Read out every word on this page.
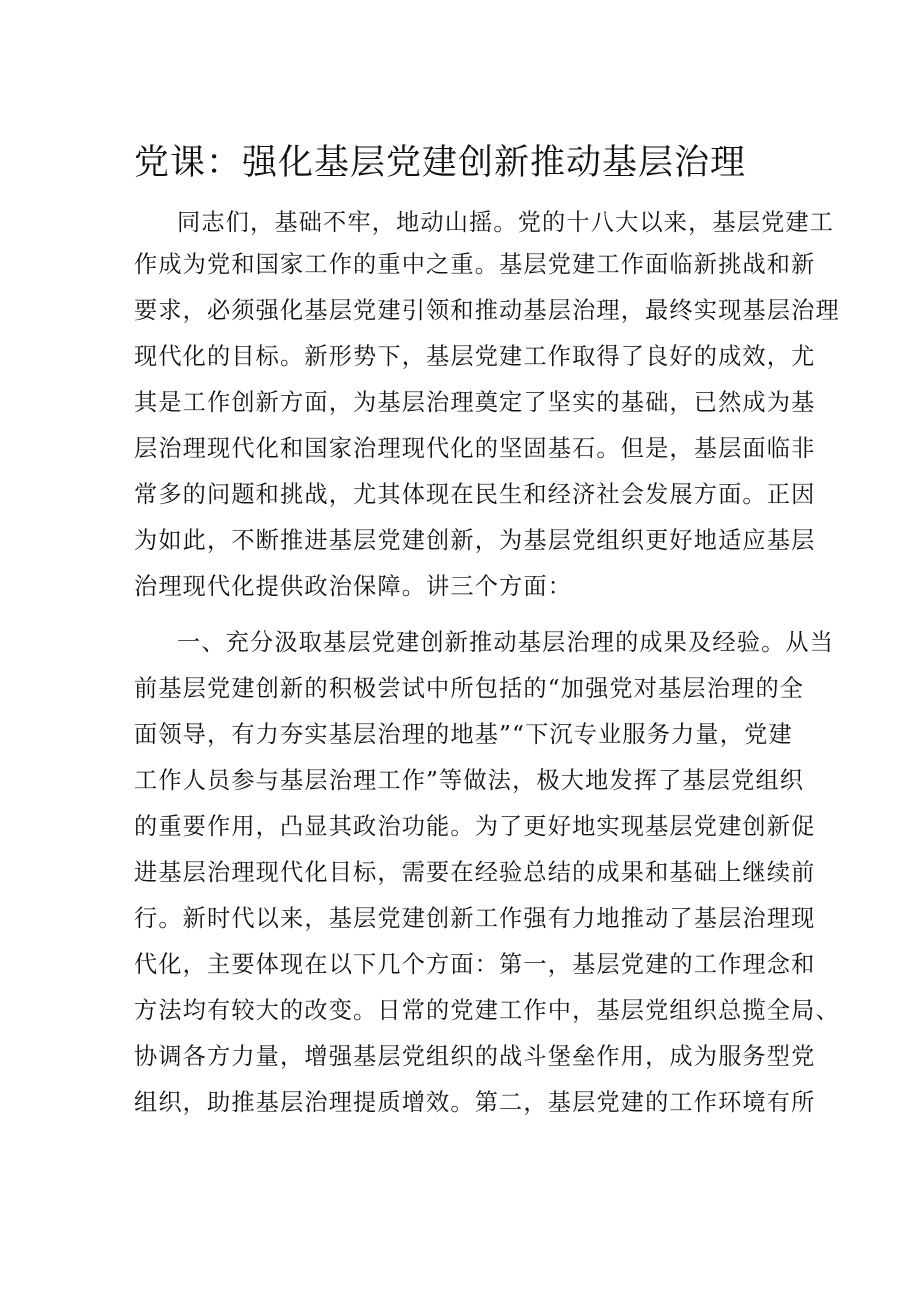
党课：强化基层党建创新推动基层治理

同志们，基础不牢，地动山摇。党的十八大以来，基层党建工

作成为党和国家工作的重中之重。基层党建工作面临新挑战和新

要求，必须强化基层党建引领和推动基层治理，最终实现基层治理

现代化的目标。新形势下，基层党建工作取得了良好的成效，尤

其是工作创新方面，为基层治理奠定了坚实的基础，已然成为基

层治理现代化和国家治理现代化的坚固基石。但是，基层面临非

常多的问题和挑战，尤其体现在民生和经济社会发展方面。正因

为如此，不断推进基层党建创新，为基层党组织更好地适应基层

治理现代化提供政治保障。讲三个方面：

一、充分汲取基层党建创新推动基层治理的成果及经验。从当

前基层党建创新的积极尝试中所包括的“加强党对基层治理的全

面领导，有力夯实基层治理的地基”“下沉专业服务力量，党建

工作人员参与基层治理工作”等做法，极大地发挥了基层党组织

的重要作用，凸显其政治功能。为了更好地实现基层党建创新促

进基层治理现代化目标，需要在经验总结的成果和基础上继续前

行。新时代以来，基层党建创新工作强有力地推动了基层治理现

代化，主要体现在以下几个方面：第一，基层党建的工作理念和

方法均有较大的改变。日常的党建工作中，基层党组织总揽全局、

协调各方力量，增强基层党组织的战斗堡垒作用，成为服务型党

组织，助推基层治理提质增效。第二，基层党建的工作环境有所
